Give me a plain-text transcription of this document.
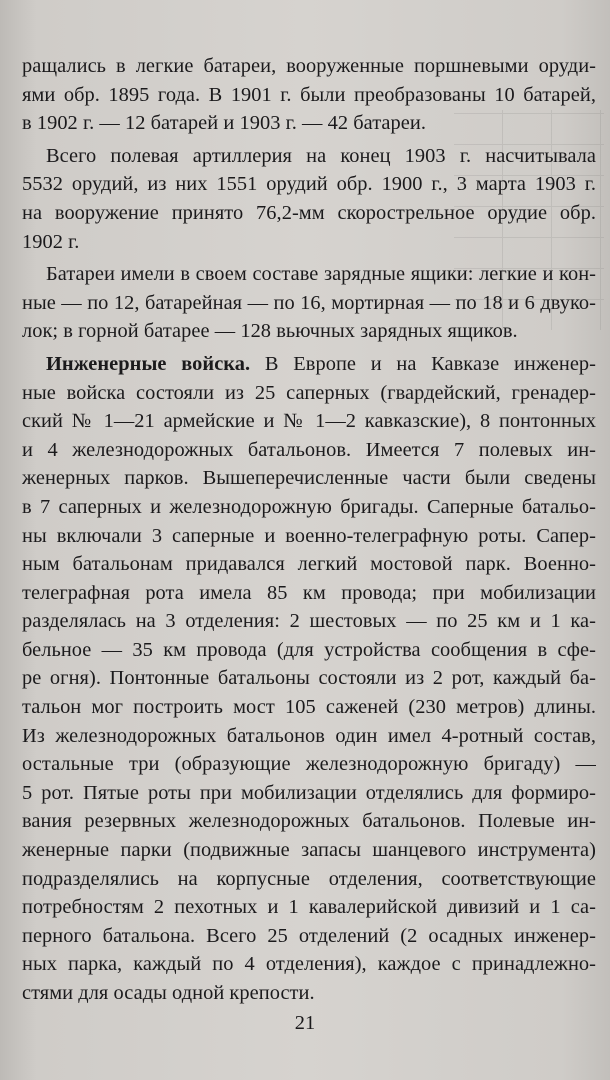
ращались в легкие батареи, вооруженные поршневыми оруди-
ями обр. 1895 года. В 1901 г. были преобразованы 10 батарей,
в 1902 г. — 12 батарей и 1903 г. — 42 батареи.
Всего полевая артиллерия на конец 1903 г. насчитывала
5532 орудий, из них 1551 орудий обр. 1900 г., 3 марта 1903 г.
на вооружение принято 76,2-мм скорострельное орудие обр.
1902 г.
Батареи имели в своем составе зарядные ящики: легкие и кон-
ные — по 12, батарейная — по 16, мортирная — по 18 и 6 двуко-
лок; в горной батарее — 128 вьючных зарядных ящиков.
Инженерные войска. В Европе и на Кавказе инженер-
ные войска состояли из 25 саперных (гвардейский, гренадер-
ский № 1—21 армейские и № 1—2 кавказские), 8 понтонных
и 4 железнодорожных батальонов. Имеется 7 полевых ин-
женерных парков. Вышеперечисленные части были сведены
в 7 саперных и железнодорожную бригады. Саперные батальо-
ны включали 3 саперные и военно-телеграфную роты. Сапер-
ным батальонам придавался легкий мостовой парк. Военно-
телеграфная рота имела 85 км провода; при мобилизации
разделялась на 3 отделения: 2 шестовых — по 25 км и 1 ка-
бельное — 35 км провода (для устройства сообщения в сфе-
ре огня). Понтонные батальоны состояли из 2 рот, каждый ба-
тальон мог построить мост 105 саженей (230 метров) длины.
Из железнодорожных батальонов один имел 4-ротный состав,
остальные три (образующие железнодорожную бригаду) —
5 рот. Пятые роты при мобилизации отделялись для формиро-
вания резервных железнодорожных батальонов. Полевые ин-
женерные парки (подвижные запасы шанцевого инструмента)
подразделялись на корпусные отделения, соответствующие
потребностям 2 пехотных и 1 кавалерийской дивизий и 1 са-
перного батальона. Всего 25 отделений (2 осадных инженер-
ных парка, каждый по 4 отделения), каждое с принадлежно-
стями для осады одной крепости.
21
